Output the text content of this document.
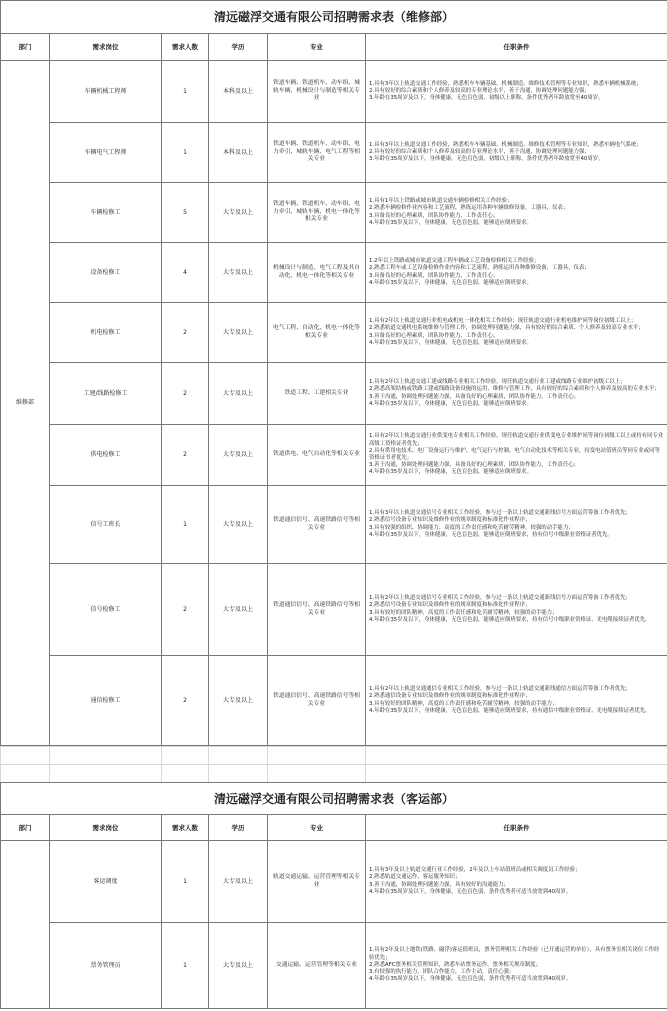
清远磁浮交通有限公司招聘需求表（维修部）					
部门	需求岗位	需求人数	学历	专业	任职条件
维修部	车辆机械工程师	1	本科及以上	铁道车辆、铁道机车、动车组、城轨车辆、机械设计与制造等相关专业	1.具有3年以上轨道交通工作经验，熟悉机车车辆基础、机械制造、维修技术管理等专业知识，熟悉车辆机械系统；
2.具有较好的综合素质和个人修养及较高的专业理论水平，善于沟通，协调处理问题能力强；
3.年龄在35周岁及以下，身体健康，无色盲色弱，初级以上职称，条件优秀者年龄放宽至40周岁。
	车辆电气工程师	1	本科及以上	铁道车辆、铁道机车、动车组、电力牵引、城轨车辆、电气工程等相关专业	1.具有3年以上轨道交通工作经验，熟悉机车车辆基础、机械制造、维修技术管理等专业知识，熟悉车辆电气系统；
2.具有较好的综合素质和个人修养及较高的专业理论水平，善于沟通，协调处理问题能力强；
3.年龄在35周岁及以下，身体健康，无色盲色弱，初级以上职称，条件优秀者年龄放宽至40周岁。
	车辆检修工	5	大专及以上	铁道车辆、铁道机车、动车组、电力牵引、城轨车辆、机电一体化等相关专业	1.具有1年以上铁路或城市轨道交通车辆检修相关工作经验；
2.熟悉车辆检修作业内容和工艺流程，熟练运用各种车辆维修设备，工器具，仪表；
3.具备良好的心理素质，团队协作能力，工作责任心；
4.年龄在35岁及以下，身体健康，无色盲色弱，能够适应倒班要求。
	设备检修工	4	大专及以上	机械设计与制造、电气工程及其自动化、机电一体化等相关专业	1.2年以上铁路或城市轨道交通工程车辆或工艺设备检修相关工作经验；
2.熟悉工程车或工艺设备检修作业内容和工艺流程，熟练运用各种维修设备，工器具，仪表；
3.具备良好的心理素质，团队协作能力，工作责任心；
4.年龄在35岁及以下，身体健康，无色盲色弱，能够适应倒班要求。
	机电检修工	2	大专及以上	电气工程、自动化、机电一体化等相关专业	1.具有2年以上轨道交通行业机电或机电一体化相关工作经验；现任轨道交通行业机电维护同等岗位初级工以上；
2.熟悉轨道交通机电系统维修与管理工作，协调处理问题能力强，具有较好的综合素质、个人修养及较高专业水平；
3.具备良好的心理素质，团队协作能力，工作责任心；
4.年龄在35岁及以下，身体健康，无色盲色弱，能够适应倒班要求。
	工建/线路检修工	2	大专及以上	铁道工程、工建相关专业	1.具有2年以上轨道交通工建或线路专业相关工作经验，现任轨道交通行业工建或线路专业维护初级工以上；
2.熟悉高架结构或铁路工建或线路设备设施的运用、维修与管理工作，具有较好的综合素质和个人修养及较高的专业水平；
3.善于沟通，协调处理问题能力强，具备良好的心理素质，团队协作能力，工作责任心；
4.年龄在35岁及以下，身体健康，无色盲色弱，能够适应倒班要求。
	供电检修工	2	大专及以上	铁道供电、电气自动化等相关专业	1.具有2年以上轨道交通行业供变电专业相关工作经验，现任轨道交通行业供变电专业维护同等岗位初级工以上或持有同专业高级工资格证者优先；
2.具有供用电技术、电厂设备运行与维护、电气运行与控制、电气自动化技术等相关专业，持变电站值班员等同专业或同等资格证书者优先；
3.善于沟通，协调处理问题能力强，具备良好的心理素质，团队协作能力，工作责任心；
4.年龄在35岁及以下，身体健康，无色盲色弱，能够适应倒班要求。
	信号工班长	1	大专及以上	铁道通信信号、高速铁路信号等相关专业	1.具有3年以上轨道交通信号专业相关工作经验，参与过一条以上轨道交通新线信号方面运营筹备工作者优先；
2.熟悉信号设备专业知识及维修作业的规章制度和标准化作业程序；
3.具有较强的组织、协调能力，高度的工作责任感和吃苦耐劳精神，较强的动手能力；
4.年龄在35岁及以下，身体健康，无色盲色弱，能够适应倒班要求，持有信号中级职业资格证者优先。
	信号检修工	2	大专及以上	铁道通信信号、高速铁路信号等相关专业	1.具有2年以上轨道交通信号专业相关工作经验，参与过一条以上轨道交通新线信号方面运营筹备工作者优先；
2.熟悉信号设备专业知识及维修作业的规章制度和标准化作业程序；
3.具有较好的团队精神，高度的工作责任感和吃苦耐劳精神，较强的动手能力；
4.年龄在35岁及以下，身体健康，无色盲色弱，能够适应倒班要求，持有信号中级职业资格证、光电缆接续证者优先。
	通信检修工	2	大专及以上	铁道通信信号、高速铁路信号等相关专业	1.具有2年以上轨道交通通信专业相关工作经验，参与过一条以上轨道交通新线通信方面运营筹备工作者优先；
2.熟悉通信设备专业知识及维修作业的规章制度和标准化作业程序；
3.具有较好的团队精神，高度的工作责任感和吃苦耐劳精神，较强的动手能力；
4.年龄在35岁及以下，身体健康，无色盲色弱，能够适应倒班要求，持有通信中级职业资格证、光电缆接续证者优先。

清远磁浮交通有限公司招聘需求表（客运部）					
部门	需求岗位	需求人数	学历	专业	任职条件
	客运调度	1	大专及以上	轨道交通运输、运营管理等相关专业	1.具有3年及以上轨道交通行业工作经验，2年及以上车站值班员或相关调度员工作经验；
2.熟悉轨道交通运作，客运服务知识；
3.善于沟通，协调处理问题能力强，具有较好的沟通能力；
4.年龄在35周岁及以下，身体健康，无色盲色弱，条件优秀者可适当放宽到40周岁。
	票务管理员	1	大专及以上	交通运输、运营管理等相关专业	1.具有2年及以上地铁(铁路、磁浮)客运值班员，票务管理相关工作经验（已开通运营的单位），具有票务室相关岗位工作经验优先；
2.熟悉AFC票务相关管理知识，熟悉车站票务运作，票务相关规章制度；
3.有较强的执行能力，团队合作能力，工作主动，责任心强；
4.年龄在35周岁及以下，身体健康，无色盲色弱，条件优秀者可适当放宽到40周岁。
